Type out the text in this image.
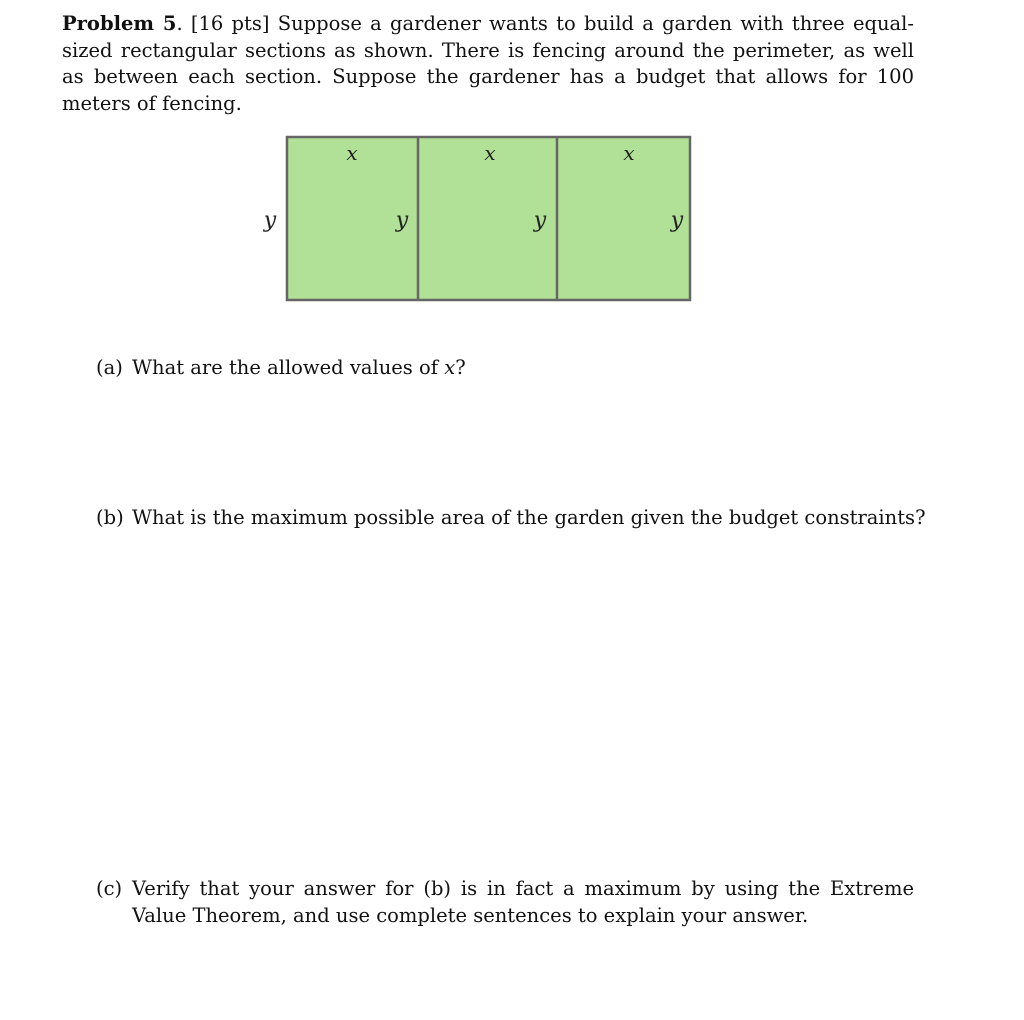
Problem 5. [16 pts] Suppose a gardener wants to build a garden with three equal-sized rectangular sections as shown. There is fencing around the perimeter, as well as between each section. Suppose the gardener has a budget that allows for 100 meters of fencing.

x	x	x
y	y	y	y

(a) What are the allowed values of x?

(b) What is the maximum possible area of the garden given the budget constraints?

(c) Verify that your answer for (b) is in fact a maximum by using the Extreme Value Theorem, and use complete sentences to explain your answer.
